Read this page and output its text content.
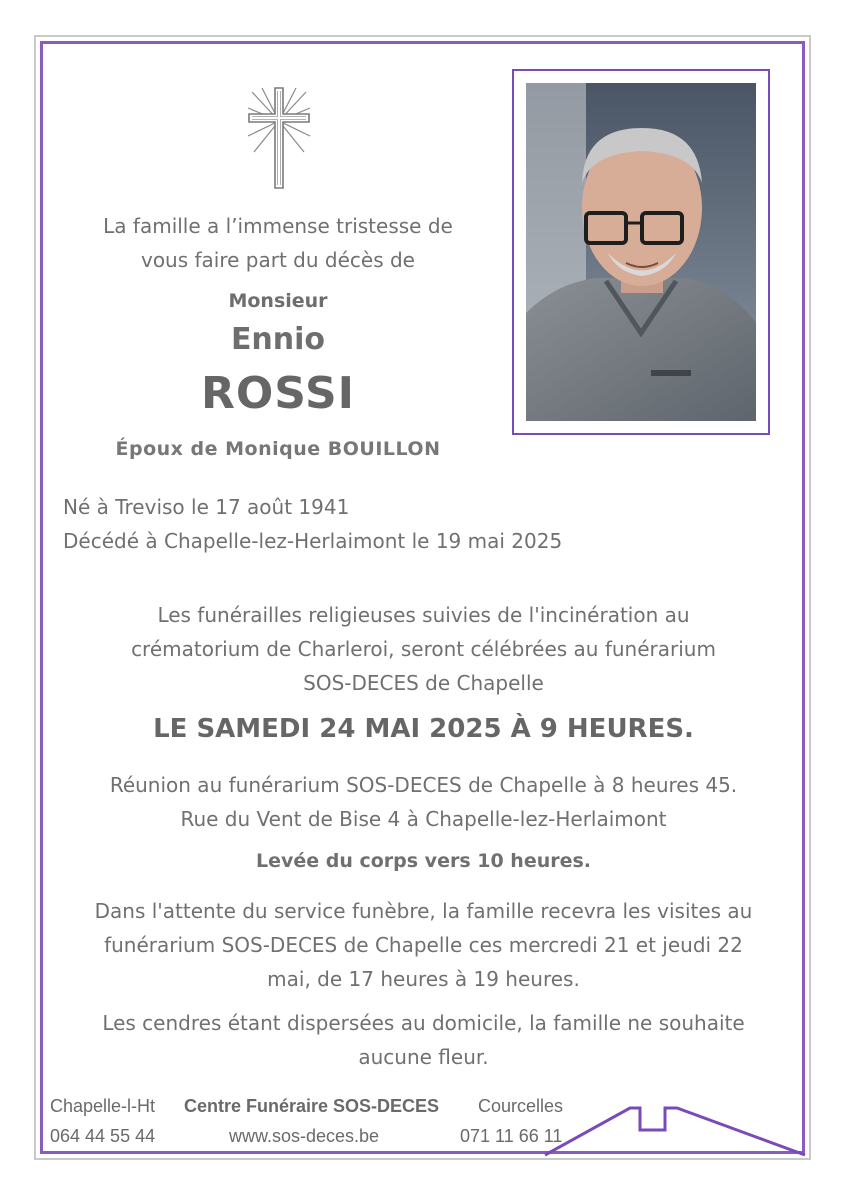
La famille a l’immense tristesse de
vous faire part du décès de
Monsieur
Ennio
ROSSI
Époux de Monique BOUILLON
Né à Treviso le 17 août 1941
Décédé à Chapelle-lez-Herlaimont le 19 mai 2025
Les funérailles religieuses suivies de l'incinération au
crématorium de Charleroi, seront célébrées au funérarium
SOS-DECES de Chapelle
LE SAMEDI 24 MAI 2025 À 9 HEURES.
Réunion au funérarium SOS-DECES de Chapelle à 8 heures 45.
Rue du Vent de Bise 4 à Chapelle-lez-Herlaimont
Levée du corps vers 10 heures.
Dans l'attente du service funèbre, la famille recevra les visites au
funérarium SOS-DECES de Chapelle ces mercredi 21 et jeudi 22
mai, de 17 heures à 19 heures.
Les cendres étant dispersées au domicile, la famille ne souhaite
aucune fleur.
Chapelle-l-Ht
064 44 55 44
Centre Funéraire SOS-DECES
www.sos-deces.be
Courcelles
071 11 66 11
